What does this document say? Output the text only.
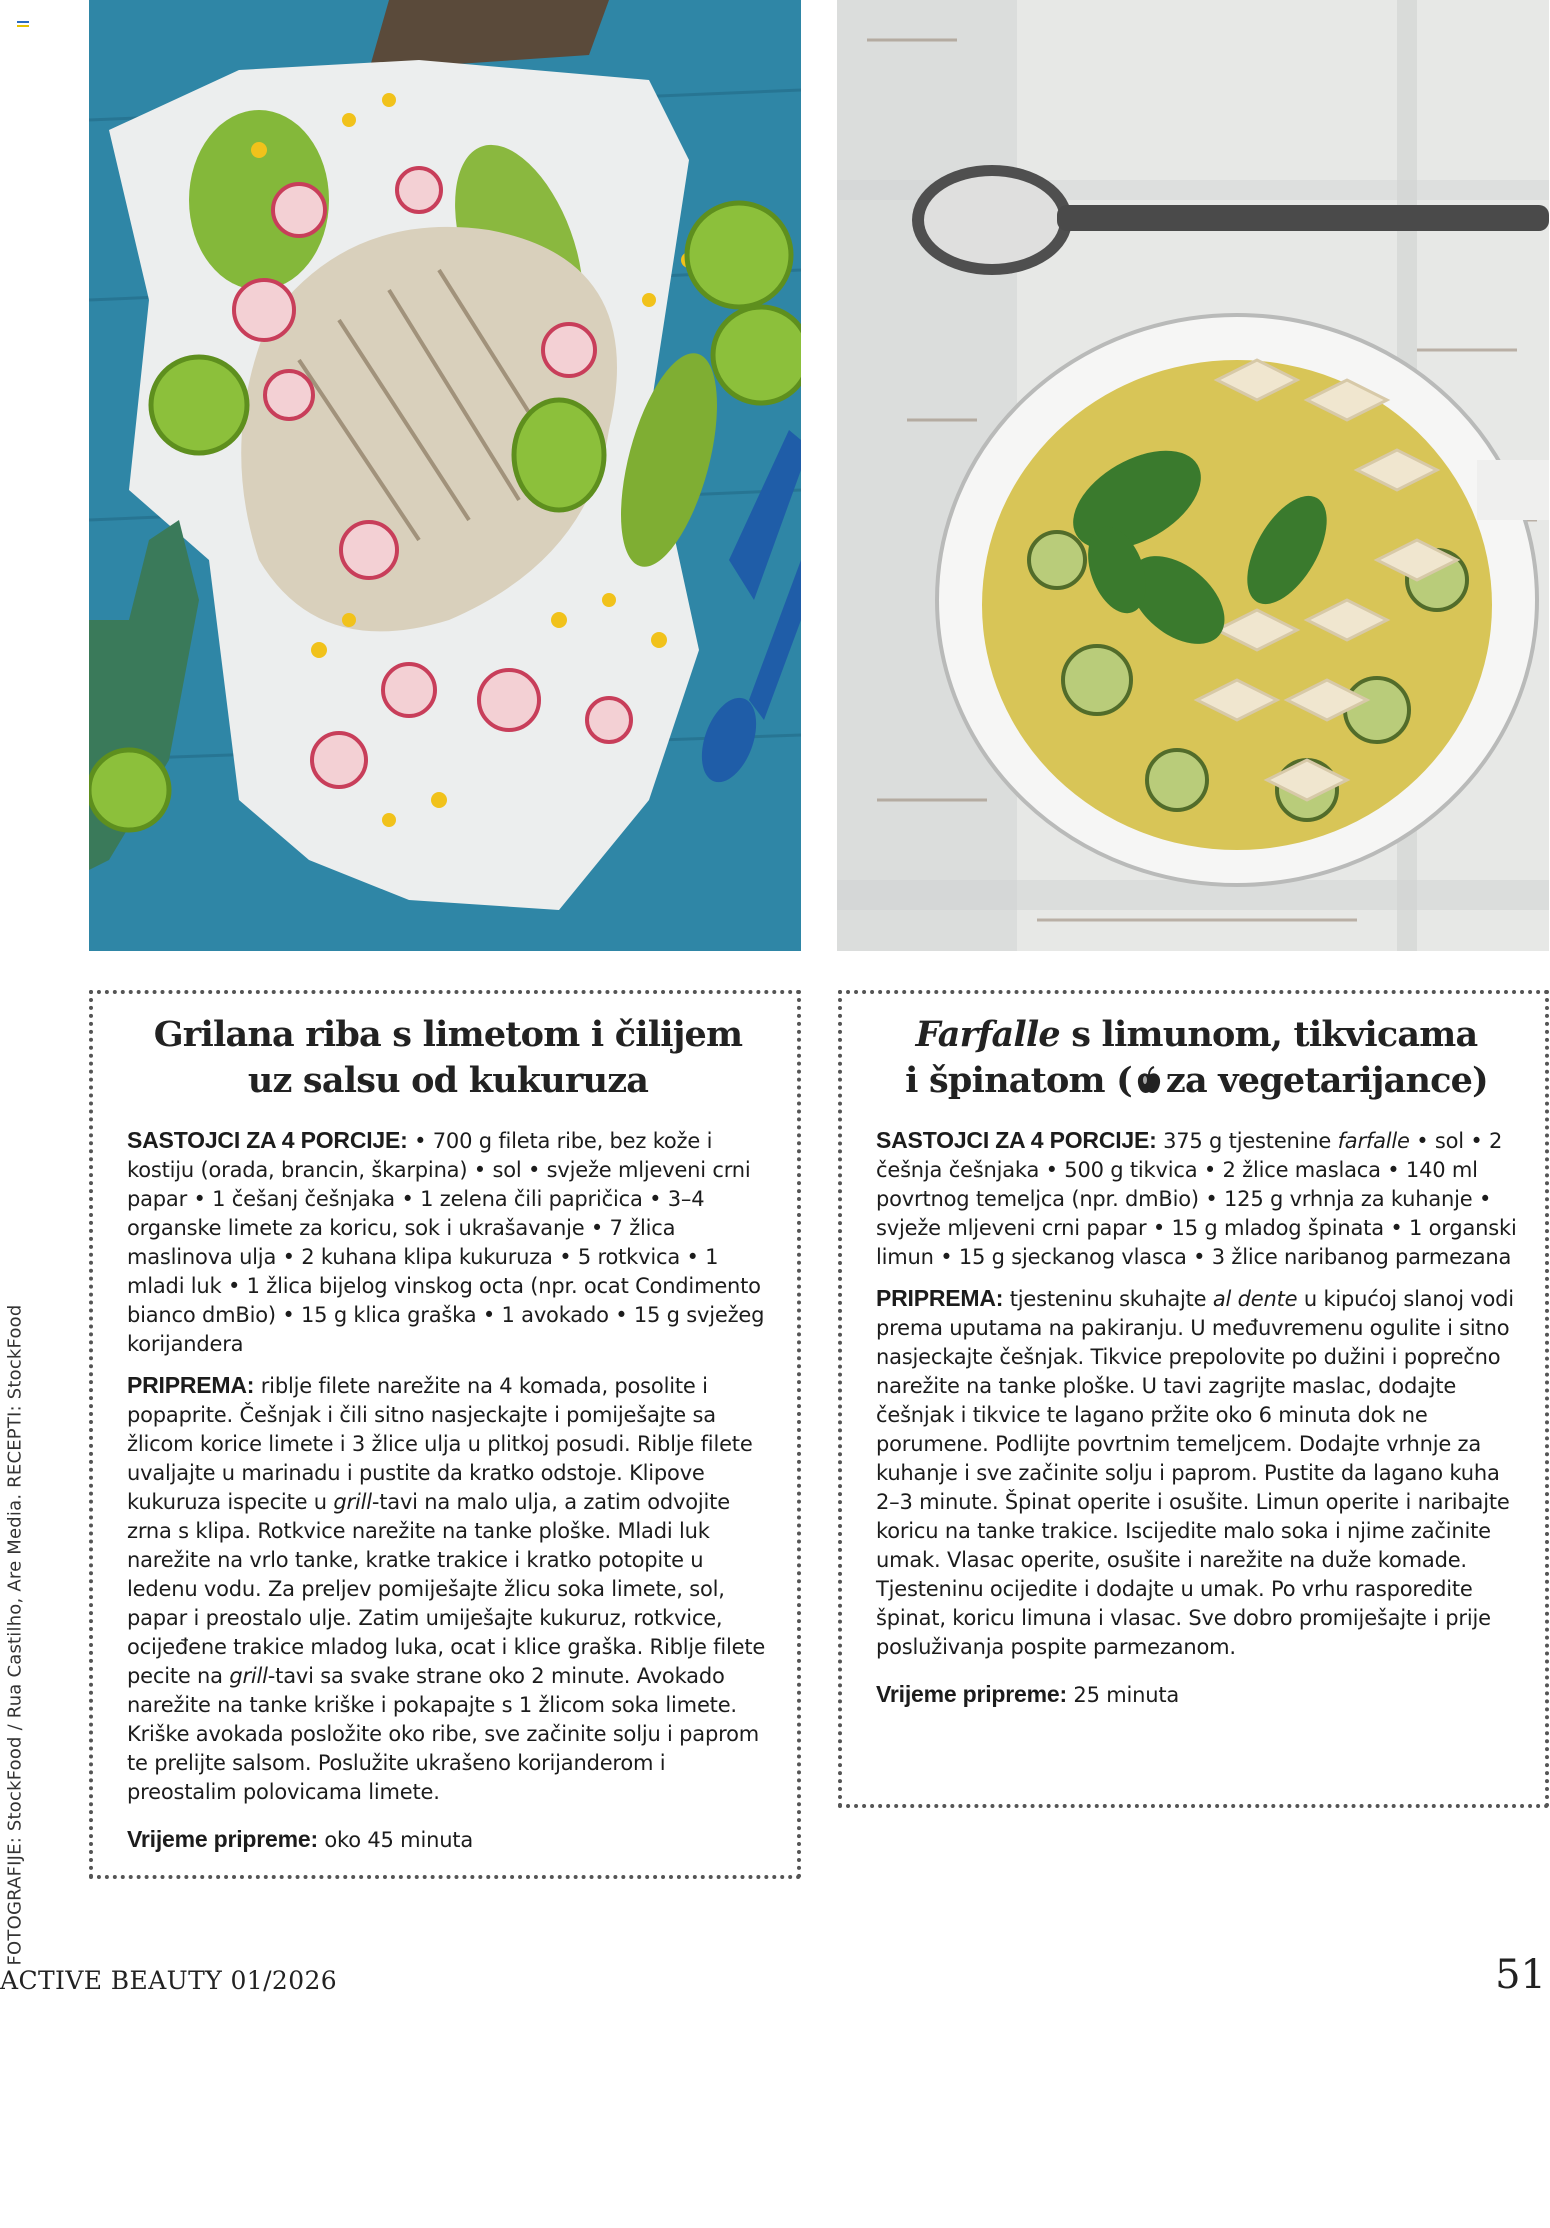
FOTOGRAFIJE: StockFood / Rua Castilho, Are Media. RECEPTI: StockFood
Grilana riba s limetom i čilijem
uz salsu od kukuruza

SASTOJCI ZA 4 PORCIJE: • 700 g fileta ribe, bez kože i kostiju (orada, brancin, škarpina) • sol • svježe mljeveni crni papar • 1 češanj češnjaka • 1 zelena čili papričica • 3–4 organske limete za koricu, sok i ukrašavanje • 7 žlica maslinova ulja • 2 kuhana klipa kukuruza • 5 rotkvica • 1 mladi luk • 1 žlica bijelog vinskog octa (npr. ocat Condimento bianco dmBio) • 15 g klica graška • 1 avokado • 15 g svježeg korijandera

PRIPREMA: riblje filete narežite na 4 komada, posolite i popaprite. Češnjak i čili sitno nasjeckajte i pomiješajte sa žlicom korice limete i 3 žlice ulja u plitkoj posudi. Riblje filete uvaljajte u marinadu i pustite da kratko odstoje. Klipove kukuruza ispecite u grill-tavi na malo ulja, a zatim odvojite zrna s klipa. Rotkvice narežite na tanke ploške. Mladi luk narežite na vrlo tanke, kratke trakice i kratko potopite u ledenu vodu. Za preljev pomiješajte žlicu soka limete, sol, papar i preostalo ulje. Zatim umiješajte kukuruz, rotkvice, ocijeđene trakice mladog luka, ocat i klice graška. Riblje filete pecite na grill-tavi sa svake strane oko 2 minute. Avokado narežite na tanke kriške i pokapajte s 1 žlicom soka limete. Kriške avokada posložite oko ribe, sve začinite solju i paprom te prelijte salsom. Poslužite ukrašeno korijanderom i preostalim polovicama limete.

Vrijeme pripreme: oko 45 minuta

Farfalle s limunom, tikvicama
i špinatom ( za vegetarijance)

SASTOJCI ZA 4 PORCIJE: 375 g tjestenine farfalle • sol • 2 češnja češnjaka • 500 g tikvica • 2 žlice maslaca • 140 ml povrtnog temeljca (npr. dmBio) • 125 g vrhnja za kuhanje • svježe mljeveni crni papar • 15 g mladog špinata • 1 organski limun • 15 g sjeckanog vlasca • 3 žlice naribanog parmezana

PRIPREMA: tjesteninu skuhajte al dente u kipućoj slanoj vodi prema uputama na pakiranju. U međuvremenu ogulite i sitno nasjeckajte češnjak. Tikvice prepolovite po dužini i poprečno narežite na tanke ploške. U tavi zagrijte maslac, dodajte češnjak i tikvice te lagano pržite oko 6 minuta dok ne porumene. Podlijte povrtnim temeljcem. Dodajte vrhnje za kuhanje i sve začinite solju i paprom. Pustite da lagano kuha 2–3 minute. Špinat operite i osušite. Limun operite i naribajte koricu na tanke trakice. Iscijedite malo soka i njime začinite umak. Vlasac operite, osušite i narežite na duže komade. Tjesteninu ocijedite i dodajte u umak. Po vrhu rasporedite špinat, koricu limuna i vlasac. Sve dobro promiješajte i prije posluživanja pospite parmezanom.

Vrijeme pripreme: 25 minuta

ACTIVE BEAUTY 01/2026	51
